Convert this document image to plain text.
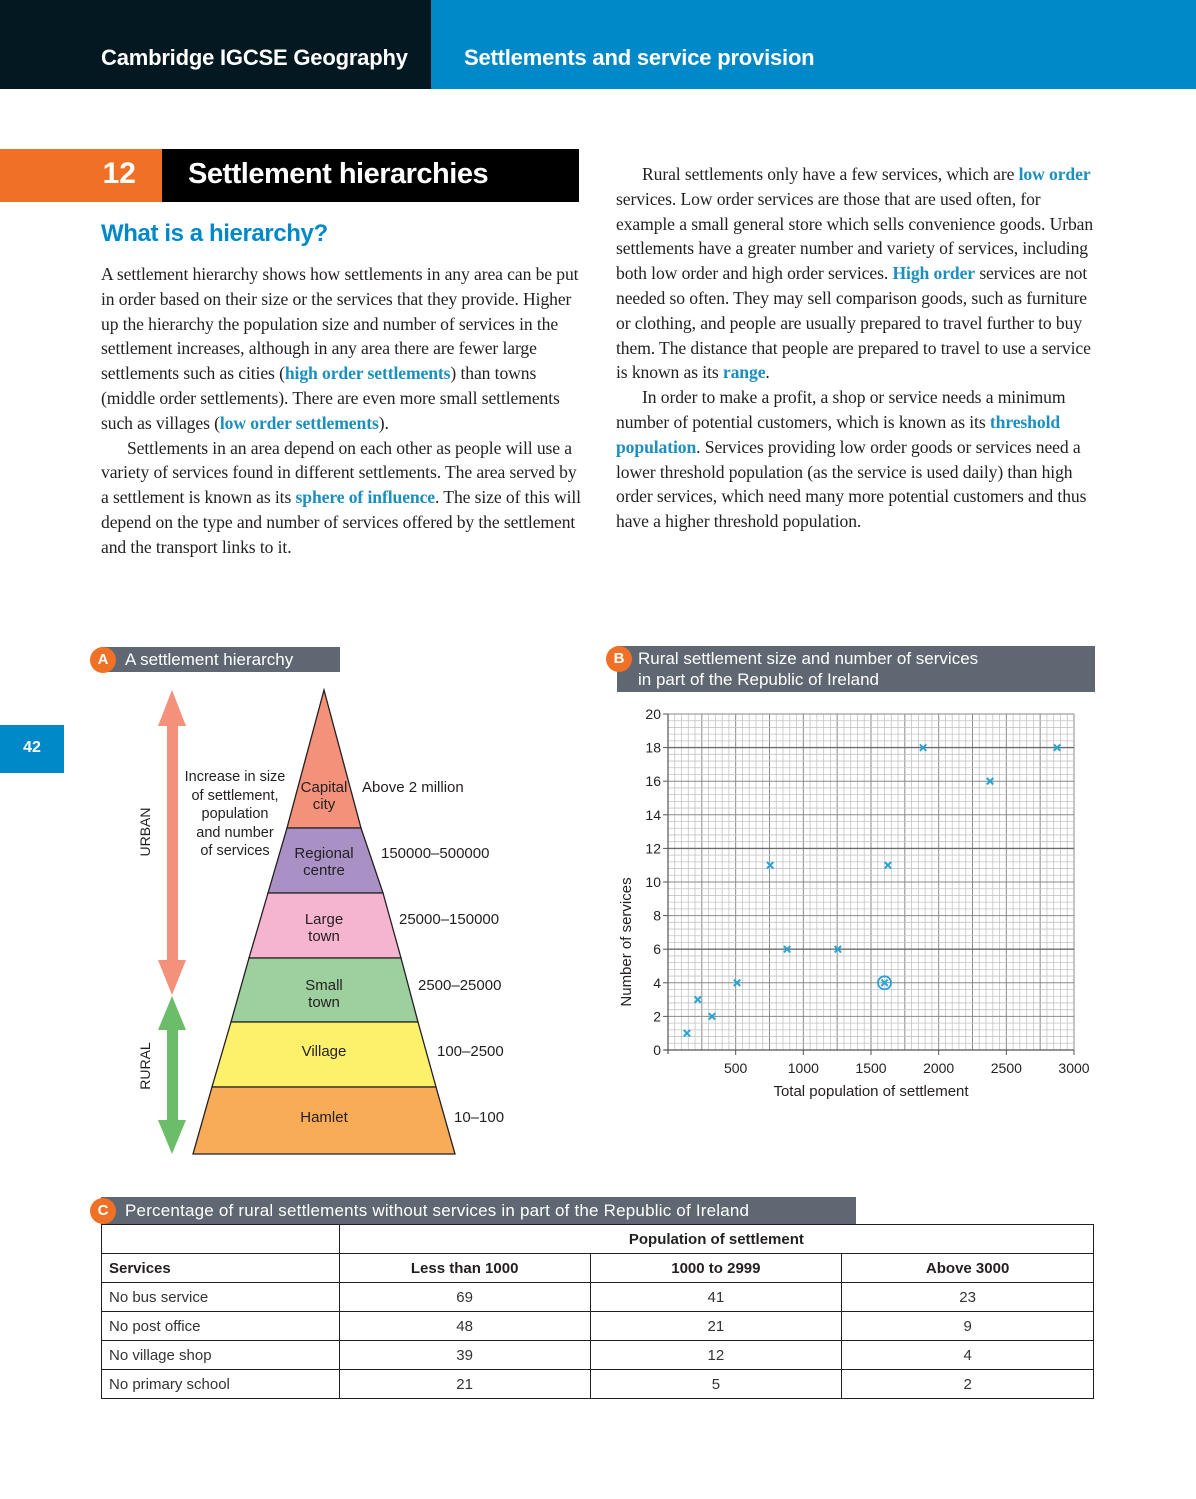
Cambridge IGCSE Geography	Settlements and service provision
12 Settlement hierarchies
What is a hierarchy?

A settlement hierarchy shows how settlements in any area can be put in order based on their size or the services that they provide. Higher up the hierarchy the population size and number of services in the settlement increases, although in any area there are fewer large settlements such as cities (high order settlements) than towns (middle order settlements). There are even more small settlements such as villages (low order settlements).

Settlements in an area depend on each other as people will use a variety of services found in different settlements. The area served by a settlement is known as its sphere of influence. The size of this will depend on the type and number of services offered by the settlement and the transport links to it.

Rural settlements only have a few services, which are low order services. Low order services are those that are used often, for example a small general store which sells convenience goods. Urban settlements have a greater number and variety of services, including both low order and high order services. High order services are not needed so often. They may sell comparison goods, such as furniture or clothing, and people are usually prepared to travel further to buy them. The distance that people are prepared to travel to use a service is known as its range.

In order to make a profit, a shop or service needs a minimum number of potential customers, which is known as its threshold population. Services providing low order goods or services need a lower threshold population (as the service is used daily) than high order services, which need many more potential customers and thus have a higher threshold population.

42
A settlement hierarchy
A
URBAN
RURAL
Increase in size
of settlement,
population
and number
of services
Capital
city
Regional
centre
Large
town
Small
town
Village
Hamlet
Above 2 million
150000–500000
25000–150000
2500–25000
100–2500
10–100
Rural settlement size and number of services
in part of the Republic of Ireland
B
0
2
4
6
8
10
12
14
16
18
20
500	1000	1500	2000	2500	3000
Total population of settlement
Number of services
Percentage of rural settlements without services in part of the Republic of Ireland
C
	Population of settlement		
Services	Less than 1000	1000 to 2999	Above 3000
No bus service	69	41	23
No post office	48	21	9
No village shop	39	12	4
No primary school	21	5	2
